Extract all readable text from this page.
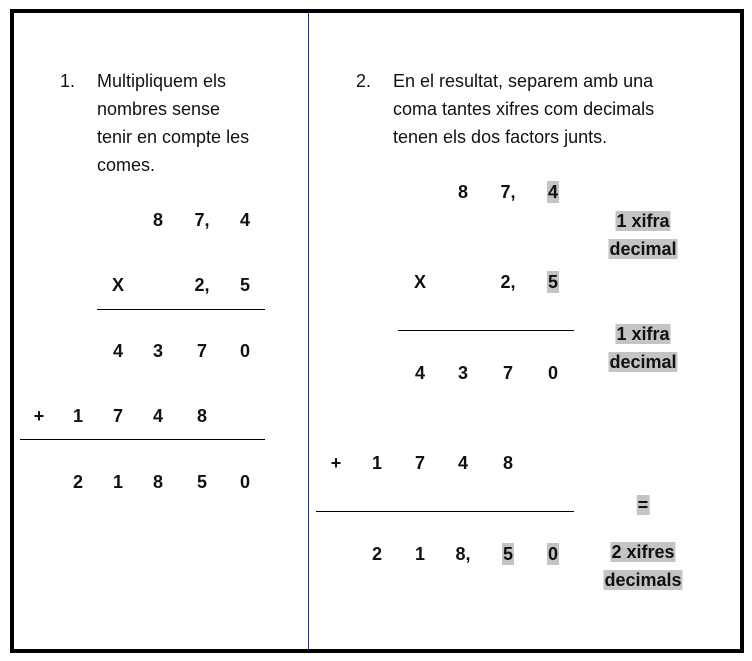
1. Multipliquem els
nombres sense
tenir en compte les
comes.
2. En el resultat, separem amb una
coma tantes xifres com decimals
tenen els dos factors junts.
8 7, 4
X	2, 5
4 3 7 0
+ 1 7 4 8
2 1 8 5 0
8 7, 4
X	2, 5
4 3 7 0
+ 1 7 4 8
2 1 8, 5 0
1 xifra
decimal
1 xifra
decimal
=
2 xifres
decimals
